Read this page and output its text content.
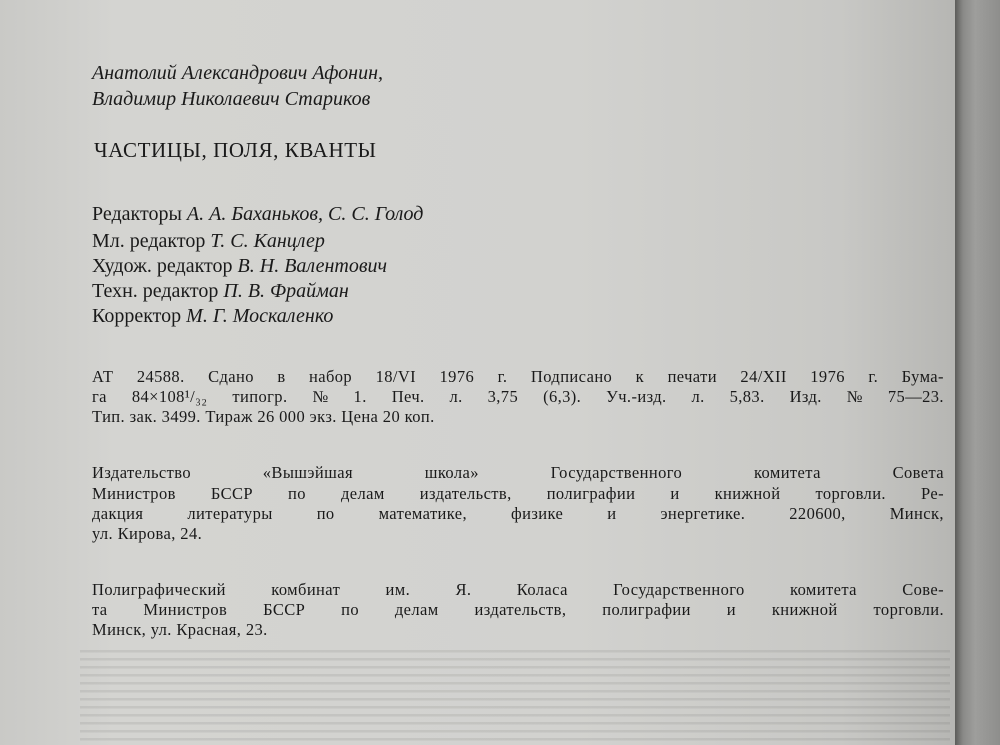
Анатолий Александрович Афонин,
Владимир Николаевич Стариков
ЧАСТИЦЫ, ПОЛЯ, КВАНТЫ
Редакторы А. А. Баханьков, С. С. Голод
Мл. редактор Т. С. Канцлер
Худож. редактор В. Н. Валентович
Техн. редактор П. В. Фрайман
Корректор М. Г. Москаленко
АТ 24588. Сдано в набор 18/VI 1976 г. Подписано к печати 24/XII 1976 г. Бума-
га 84×108¹/₃₂ типогр. № 1. Печ. л. 3,75 (6,3). Уч.-изд. л. 5,83. Изд. № 75—23.
Тип. зак. 3499. Тираж 26 000 экз. Цена 20 коп.
Издательство	«Вышэйшая	школа»	Государственного	комитета	Совета
Министров БССР по делам издательств, полиграфии и книжной торговли. Ре-
дакция	литературы	по	математике,	физике	и	энергетике.	220600,	Минск,
ул. Кирова, 24.
Полиграфический	комбинат	им.	Я.	Коласа	Государственного	комитета	Сове-
та Министров БССР по делам издательств, полиграфии и книжной торговли.
Минск, ул. Красная, 23.
